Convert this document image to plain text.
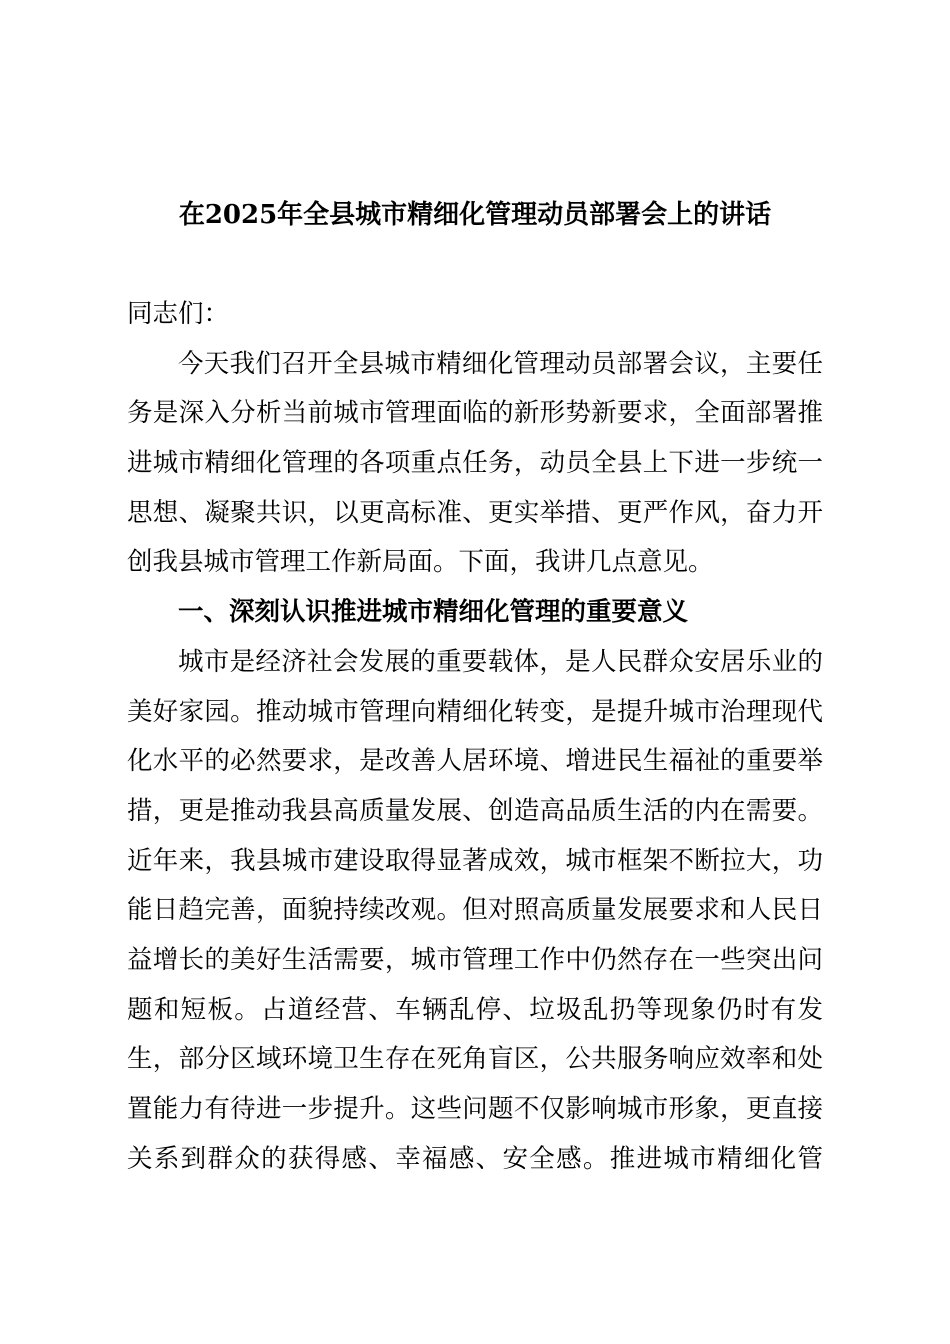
在2025年全县城市精细化管理动员部署会上的讲话
同志们：
今天我们召开全县城市精细化管理动员部署会议，主要任
务是深入分析当前城市管理面临的新形势新要求，全面部署推
进城市精细化管理的各项重点任务，动员全县上下进一步统一
思想、凝聚共识，以更高标准、更实举措、更严作风，奋力开
创我县城市管理工作新局面。下面，我讲几点意见。
一、深刻认识推进城市精细化管理的重要意义
城市是经济社会发展的重要载体，是人民群众安居乐业的
美好家园。推动城市管理向精细化转变，是提升城市治理现代
化水平的必然要求，是改善人居环境、增进民生福祉的重要举
措，更是推动我县高质量发展、创造高品质生活的内在需要。
近年来，我县城市建设取得显著成效，城市框架不断拉大，功
能日趋完善，面貌持续改观。但对照高质量发展要求和人民日
益增长的美好生活需要，城市管理工作中仍然存在一些突出问
题和短板。占道经营、车辆乱停、垃圾乱扔等现象仍时有发
生，部分区域环境卫生存在死角盲区，公共服务响应效率和处
置能力有待进一步提升。这些问题不仅影响城市形象，更直接
关系到群众的获得感、幸福感、安全感。推进城市精细化管
